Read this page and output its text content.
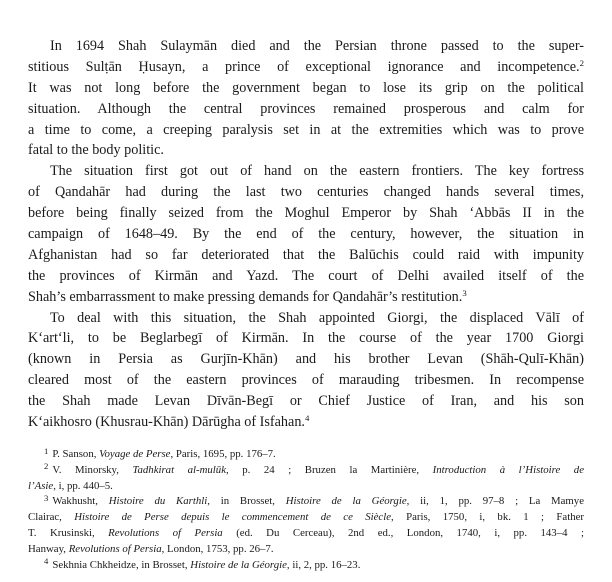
In 1694 Shah Sulaymān died and the Persian throne passed to the super-
stitious Sulṭān Ḥusayn, a prince of exceptional ignorance and incompetence.$^2$
It was not long before the government began to lose its grip on the political
situation. Although the central provinces remained prosperous and calm for
a time to come, a creeping paralysis set in at the extremities which was to prove
fatal to the body politic.
The situation first got out of hand on the eastern frontiers. The key fortress
of Qandahār had during the last two centuries changed hands several times,
before being finally seized from the Moghul Emperor by Shah ‘Abbās II in the
campaign of 1648–49. By the end of the century, however, the situation in
Afghanistan had so far deteriorated that the Balūchis could raid with impunity
the provinces of Kirmān and Yazd. The court of Delhi availed itself of the
Shah’s embarrassment to make pressing demands for Qandahār’s restitution.$^3$
To deal with this situation, the Shah appointed Giorgi, the displaced Vālī of
K‘art‘li, to be Beglarbegī of Kirmān. In the course of the year 1700 Giorgi
(known in Persia as Gurjīn-Khān) and his brother Levan (Shāh-Qulī-Khān)
cleared most of the eastern provinces of marauding tribesmen. In recompense
the Shah made Levan Dīvān-Begī or Chief Justice of Iran, and his son
K‘aikhosro (Khusrau-Khān) Dārūgha of Isfahan.$^4$
$^1$ P. Sanson, Voyage de Perse, Paris, 1695, pp. 176–7.
$^2$ V. Minorsky, Tadhkirat al-mulūk, p. 24 ; Bruzen la Martinière, Introduction à l’Histoire de
l’Asie, i, pp. 440–5.
$^3$ Wakhusht, Histoire du Karthli, in Brosset, Histoire de la Géorgie, ii, 1, pp. 97–8 ; La Mamye
Clairac, Histoire de Perse depuis le commencement de ce Siècle, Paris, 1750, i, bk. 1 ; Father
T. Krusinski, Revolutions of Persia (ed. Du Cerceau), 2nd ed., London, 1740, i, pp. 143–4 ;
Hanway, Revolutions of Persia, London, 1753, pp. 26–7.
$^4$ Sekhnia Chkheidze, in Brosset, Histoire de la Géorgie, ii, 2, pp. 16–23.
